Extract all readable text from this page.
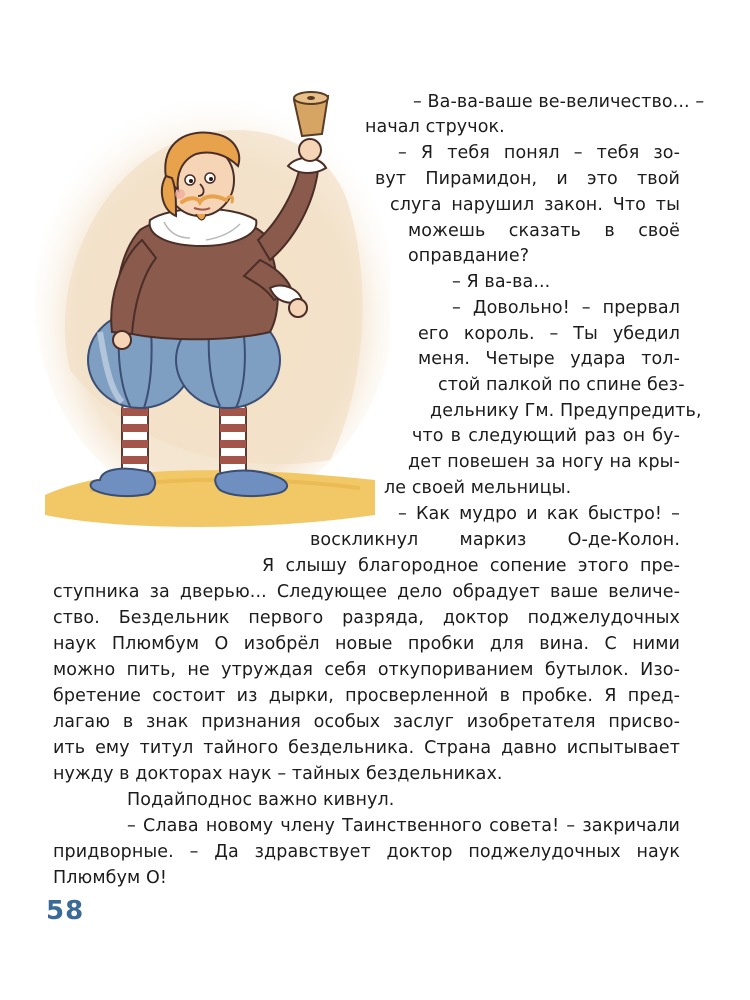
– Ва-ва-ваше ве-величество... –

начал стручок.

– Я тебя понял – тебя зо-

вут Пирамидон, и это твой

слуга нарушил закон. Что ты

можешь сказать в своё

оправдание?

– Я ва-ва...

– Довольно! – прервал

его король. – Ты убедил

меня. Четыре удара тол-

стой палкой по спине без-

дельнику Гм. Предупредить,

что в следующий раз он бу-

дет повешен за ногу на кры-

ле своей мельницы.

– Как мудро и как быстро! –

воскликнул маркиз О-де-Колон.

Я слышу благородное сопение этого пре-

ступника за дверью... Следующее дело обрадует ваше величе-

ство. Бездельник первого разряда, доктор поджелудочных

наук Плюмбум О изобрёл новые пробки для вина. С ними

можно пить, не утруждая себя откупориванием бутылок. Изо-

бретение состоит из дырки, просверленной в пробке. Я пред-

лагаю в знак признания особых заслуг изобретателя присво-

ить ему титул тайного бездельника. Страна давно испытывает

нужду в докторах наук – тайных бездельниках.

Подайподнос важно кивнул.

– Слава новому члену Таинственного совета! – закричали

придворные. – Да здравствует доктор поджелудочных наук

Плюмбум О!

58
